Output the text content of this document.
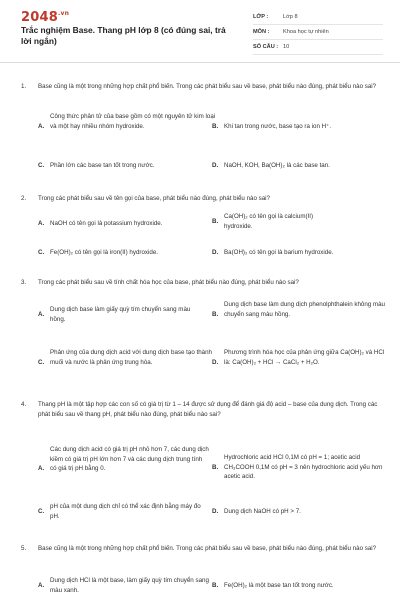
$2048^{.vn}$
Trắc nghiệm Base. Thang pH lớp 8 (có đúng sai, trả lời ngắn)
LỚP :	Lớp 8
MÔN :	Khoa học tự nhiên
SỐ CÂU : 10
1.	Base cũng là một trong những hợp chất phổ biến. Trong các phát biểu sau về base, phát biểu nào đúng, phát biểu nào sai?
A.
Công thức phân tử của base gồm có một nguyên tử kim loại và một hay nhiều nhóm hydroxide.	B. Khi tan trong nước, base tạo ra ion H⁺.
C. Phần lớn các base tan tốt trong nước.	D. NaOH, KOH, Ba(OH)₂ là các base tan.
2.	Trong các phát biểu sau về tên gọi của base, phát biểu nào đúng, phát biểu nào sai?
A. NaOH có tên gọi là potassium hydroxide.	B.
Ca(OH)₂ có tên gọi là calcium(II) hydroxide.
C. Fe(OH)₂ có tên gọi là iron(II) hydroxide.	D. Ba(OH)₂ có tên gọi là barium hydroxide.
3.	Trong các phát biểu sau về tính chất hóa học của base, phát biểu nào đúng, phát biểu nào sai?
A.
Dung dịch base làm giấy quỳ tím chuyển sang màu hồng.
B.
Dung dịch base làm dung dịch phenolphthalein không màu chuyển sang màu hồng.
C.
Phản ứng của dung dịch acid với dung dịch base tạo thành muối và nước là phản ứng trung hòa.	D.
Phương trình hóa học của phản ứng giữa Ca(OH)₂ và HCl là: Ca(OH)₂ + HCl → CaCl₂ + H₂O.
4.	Thang pH là một tập hợp các con số có giá trị từ 1 – 14 được sử dụng để đánh giá độ acid – base của dung dịch. Trong các phát biểu sau về thang pH, phát biểu nào đúng, phát biểu nào sai?
A.
Các dung dịch acid có giá trị pH nhỏ hơn 7, các dung dịch kiềm có giá trị pH lớn hơn 7 và các dung dịch trung tính có giá trị pH bằng 0.	B.
Hydrochloric acid HCl 0,1M có pH = 1; acetic acid CH₃COOH 0,1M có pH = 3 nên hydrochloric acid yếu hơn acetic acid.
C.
pH của một dung dịch chỉ có thể xác định bằng máy đo pH.
D. Dung dịch NaOH có pH > 7.
5.	Base cũng là một trong những hợp chất phổ biến. Trong các phát biểu sau về base, phát biểu nào đúng, phát biểu nào sai?
A.
Dung dịch HCl là một base, làm giấy quỳ tím chuyển sang màu xanh.
B. Fe(OH)₂ là một base tan tốt trong nước.
